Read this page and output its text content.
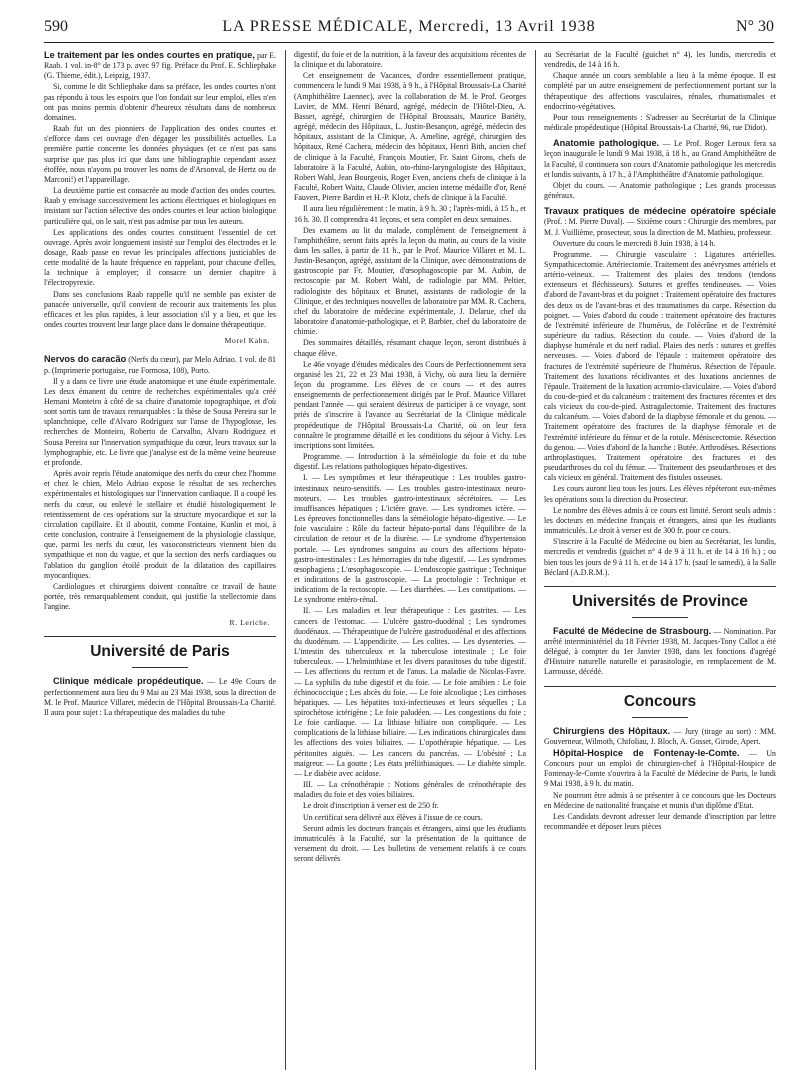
590	LA PRESSE MÉDICALE, Mercredi, 13 Avril 1938	N° 30

Le traitement par les ondes courtes en pratique, par E. Raab. 1 vol. in-8° de 173 p. avec 97 fig. Préface du Prof. E. Schliephake (G. Thieme, édit.), Leipzig, 1937.

Si, comme le dit Schliephake dans sa préface, les ondes courtes n'ont pas répondu à tous les espoirs que l'on fondait sur leur emploi, elles n'en ont pas moins permis d'obtenir d'heureux résultats dans de nombreux domaines.

Raab fut un des pionniers de l'application des ondes courtes et s'efforce dans cet ouvrage d'en dégager les possibilités actuelles. La première partie concerne les données physiques (et ce n'est pas sans surprise que pas plus ici que dans une bibliographie cependant assez étoffée, nous n'ayons pu trouver les noms de d'Arsonval, de Hertz ou de Marconi!) et l'appareillage.

La deuxième partie est consacrée au mode d'action des ondes courtes. Raab y envisage successivement les actions électriques et biologiques en insistant sur l'action sélective des ondes courtes et leur action biologique particulière qui, on le sait, n'est pas admise par tous les auteurs.

Les applications des ondes courtes constituent l'essentiel de cet ouvrage. Après avoir longuement insisté sur l'emploi des électrodes et le dosage, Raab passe en revue les principales affections justiciables de cette modalité de la haute fréquence en rappelant, pour chacune d'elles, la technique à employer; il consacre un dernier chapitre à l'électropyrexie.

Dans ses conclusions Raab rappelle qu'il ne semble pas exister de panacée universelle, qu'il convient de recourir aux traitements les plus efficaces et les plus rapides, à leur association s'il y a lieu, et que les ondes courtes trouvent leur large place dans le domaine thérapeutique.

Morel Kahn.

Nervos do caracão (Nerfs du cœur), par Melo Adriao. 1 vol. de 81 p. (Imprimerie portugaise, rue Formosa, 108), Porto.

Il y a dans ce livre une étude anatomique et une étude expérimentale. Les deux émanent du centre de recherches expérimentales qu'a créé Hernani Monteiro à côté de sa chaire d'anatomie topographique, et d'où sont sortis tant de travaux remarquables : la thèse de Sousa Pereira sur le splanchnique, celle d'Alvaro Rodriguez sur l'anse de l'hypoglosse, les recherches de Monteiro, Roberto de Carvalho, Alvaro Rodriguez et Sousa Pereira sur l'innervation sympathique du cœur, leurs travaux sur la lymphographie, etc. Le livre que j'analyse est de la même veine heureuse et profonde.

Après avoir repris l'étude anatomique des nerfs du cœur chez l'homme et chez le chien, Melo Adriao expose le résultat de ses recherches expérimentales et histologiques sur l'innervation cardiaque. Il a coupé les nerfs du cœur, ou enlevé le stellaire et étudié histologiquement le retentissement de ces opérations sur la structure myocardique et sur la circulation capillaire. Et il aboutit, comme Fontaine, Kunlin et moi, à cette conclusion, contraire à l'enseignement de la physiologie classique, que, parmi les nerfs du cœur, les vasoconstricteurs viennent bien du sympathique et non du vague, et que la section des nerfs cardiaques ou l'ablation du ganglion étoilé produit de la dilatation des capillaires myocardiques.

Cardiologues et chirurgiens doivent connaître ce travail de haute portée, très remarquablement conduit, qui justifie la stellectomie dans l'angine.

R. Leriche.

Université de Paris

Clinique médicale propédeutique. — Le 49e Cours de perfectionnement aura lieu du 9 Mai au 23 Mai 1938, sous la direction de M. le Prof. Maurice Villaret, médecin de l'Hôpital Broussais-La Charité. Il aura pour sujet : La thérapeutique des maladies du tube

digestif, du foie et de la nutrition, à la faveur des acquisitions récentes de la clinique et du laboratoire.

Cet enseignement de Vacances, d'ordre essentiellement pratique, commencera le lundi 9 Mai 1938, à 9 h., à l'Hôpital Broussais-La Charité (Amphithéâtre Laennec), avec la collaboration de M. le Prof. Georges Lavier, de MM. Henri Bénard, agrégé, médecin de l'Hôtel-Dieu, A. Basset, agrégé, chirurgien de l'Hôpital Broussais, Maurice Bariéty, agrégé, médecin des Hôpitaux, L. Justin-Besançon, agrégé, médecin des hôpitaux, assistant de la Clinique, A. Ameline, agrégé, chirurgien des hôpitaux, René Cachera, médecin des hôpitaux, Henri Bith, ancien chef de clinique à la Faculté, François Moutier, Fr. Saint Girons, chefs de laboratoire à la Faculté, Aubin, oto-rhino-laryngologiste des Hôpitaux, Robert Wahl, Jean Bourgeois, Roger Even, anciens chefs de clinique à la Faculté, Robert Waitz, Claude Olivier, ancien interne médaille d'or, René Fauvert, Pierre Bardin et H.-P. Klotz, chefs de clinique à la Faculté.

Il aura lieu régulièrement : le matin, à 9 h. 30 ; l'après-midi, à 15 h., et 16 h. 30. Il comprendra 41 leçons, et sera complet en deux semaines.

Des examens au lit du malade, complément de l'enseignement à l'amphithéâtre, seront faits après la leçon du matin, au cours de la visite dans les salles, à partir de 11 h., par le Prof. Maurice Villaret et M. L. Justin-Besançon, agrégé, assistant de la Clinique, avec démonstrations de gastroscopie par Fr. Moutier, d'œsophagoscopie par M. Aubin, de rectoscopie par M. Robert Wahl, de radiologie par MM. Peltier, radiologiste des hôpitaux et Brunet, assistants de radiologie de la Clinique, et des techniques nouvelles de laboratoire par MM. R. Cachera, chef du laboratoire de médecine expérimentale, J. Delarue, chef du laboratoire d'anatomie-pathologique, et P. Barbier, chef du laboratoire de chimie.

Des sommaires détaillés, résumant chaque leçon, seront distribués à chaque élève.

Le 46e voyage d'études médicales des Cours de Perfectionnement sera organisé les 21, 22 et 23 Mai 1938, à Vichy, où aura lieu la dernière leçon du programme. Les élèves de ce cours — et des autres enseignements de perfectionnement dirigés par le Prof. Maurice Villaret pendant l'année — qui seraient désireux de participer à ce voyage, sont priés de s'inscrire à l'avance au Secrétariat de la Clinique médicale propédeutique de l'Hôpital Broussais-La Charité, où on leur fera connaître le programme détaillé et les conditions du séjour à Vichy. Les inscriptions sont limitées.

Programme. — Introduction à la séméiologie du foie et du tube digestif. Les relations pathologiques hépato-digestives.

I. — Les symptômes et leur thérapeutique : Les troubles gastro-intestinaux neuro-sensitifs. — Les troubles gastro-intestinaux neuro-moteurs. — Les troubles gastro-intestinaux sécrétoires. — Les insuffisances hépatiques ; L'ictère grave. — Les syndromes ictère. — Les épreuves fonctionnelles dans la séméiologie hépato-digestive. — Le foie vasculaire : Rôle du facteur hépato-portal dans l'équilibre de la circulation de retour et de la diurèse. — Le syndrome d'hypertension portale. — Les syndromes sanguins au cours des affections hépato-gastro-intestinales : Les hémorragies du tube digestif. — Les syndromes œsophagiens ; L'œsophagoscopie. — L'endoscopie gastrique ; Technique et indications de la gastroscopie. — La proctologie : Technique et indications de la rectoscopie. — Les diarrhées. — Les constipations. — Le syndrome entéro-rénal.

II. — Les maladies et leur thérapeutique : Les gastrites. — Les cancers de l'estomac. — L'ulcère gastro-duodénal ; Les syndromes duodénaux. — Thérapeutique de l'ulcère gastroduodénal et des affections du duodénum. — L'appendicite. — Les colites. — Les dysenteries. — L'intestin des tuberculeux et la tuberculose intestinale ; Le foie tuberculeux. — L'helminthiase et les divers parasitoses du tube digestif. — Les affections du rectum et de l'anus. La maladie de Nicolas-Favre. — La syphilis du tube digestif et du foie. — Le foie amibien : Le foie échinococcique ; Les abcès du foie. — Le foie alcoolique ; Les cirrhoses hépatiques. — Les hépatites toxi-infectieuses et leurs séquelles ; La spirochétose ictérigène ; Le foie paludéen. — Les congestions du foie ; Le foie cardiaque. — La lithiase biliaire non compliquée. — Les complications de la lithiase biliaire. — Les indications chirurgicales dans les affections des voies biliaires. — L'opothérapie hépatique. — Les péritonites aiguës. — Les cancers du pancréas. — L'obésité ; La maigreur. — La goutte ; Les états préliithiasiques. — Le diabète simple. — Le diabète avec acidose.

III. — La crénothérapie : Notions générales de crénothérapie des maladies du foie et des voies biliaires.

Le droit d'inscription à verser est de 250 fr.

Un certificat sera délivré aux élèves à l'issue de ce cours.

Seront admis les docteurs français et étrangers, ainsi que les étudiants immatriculés à la Faculté, sur la présentation de la quittance de versement du droit. — Les bulletins de versement relatifs à ce cours seront délivrés

au Secrétariat de la Faculté (guichet n° 4), les lundis, mercredis et vendredis, de 14 à 16 h.

Chaque année un cours semblable a lieu à la même époque. Il est complété par un autre enseignement de perfectionnement portant sur la thérapeutique des affections vasculaires, rénales, rhumatismales et endocrino-végétatives.

Pour tous renseignements : S'adresser au Secrétariat de la Clinique médicale propédeutique (Hôpital Broussais-La Charité, 96, rue Didot).

Anatomie pathologique. — Le Prof. Roger Leroux fera sa leçon inaugurale le lundi 9 Mai 1938, à 18 h., au Grand Amphithéâtre de la Faculté, il continuera son cours d'Anatomie pathologique les mercredis et lundis suivants, à 17 h., à l'Amphithéâtre d'Anatomie pathologique.

Objet du cours. — Anatomie pathologique ; Les grands processus généraux.

Travaux pratiques de médecine opératoire spéciale (Prof. : M. Pierre Duval). — Sixième cours : Chirurgie des membres, par M. J. Vuillième, prosecteur, sous la direction de M. Mathieu, professeur.

Ouverture du cours le mercredi 8 Juin 1938, à 14 h.

Programme. — Chirurgie vasculaire : Ligatures artérielles. Sympathicectomie. Artériectomie. Traitement des anévrysmes artériels et artério-veineux. — Traitement des plaies des tendons (tendons extenseurs et fléchisseurs). Sutures et greffes tendineuses. — Voies d'abord de l'avant-bras et du poignet : Traitement opératoire des fractures des deux os de l'avant-bras et des traumatismes du carpe. Résection du poignet. — Voies d'abord du coude : traitement opératoire des fractures de l'extrémité inférieure de l'humérus, de l'olécrâne et de l'extrémité supérieure du radius. Résection du coude. — Voies d'abord de la diaphyse humérale et du nerf radial. Plaies des nerfs : sutures et greffes nerveuses. — Voies d'abord de l'épaule : traitement opératoire des fractures de l'extrémité supérieure de l'humérus. Résection de l'épaule. Traitement des luxations récidivantes et des luxations anciennes de l'épaule. Traitement de la luxation acromio-claviculaire. — Voies d'abord du cou-de-pied et du calcanéum : traitement des fractures récentes et des cals vicieux du cou-de-pied. Astragalectomie. Traitement des fractures du calcanéum. — Voies d'abord de la diaphyse fémorale et du genou. — Traitement opératoire des fractures de la diaphyse fémorale et de l'extrémité inférieure du fémur et de la rotule. Méniscectomie. Résection du genou. — Voies d'abord de la hanche : Butée. Arthrodèses. Résections arthroplastiques. Traitement opératoire des fractures et des pseudarthroses du col du fémur. — Traitement des pseudarthroses et des cals vicieux en général. Traitement des fistules osseuses.

Les cours auront lieu tous les jours. Les élèves répéteront eux-mêmes les opérations sous la direction du Prosecteur.

Le nombre des élèves admis à ce cours est limité. Seront seuls admis : les docteurs en médecine français et étrangers, ainsi que les étudiants immatriculés. Le droit à verser est de 300 fr. pour ce cours.

S'inscrire à la Faculté de Médecine ou bien au Secrétariat, les lundis, mercredis et vendredis (guichet n° 4 de 9 à 11 h. et de 14 à 16 h.) ; ou bien tous les jours de 9 à 11 h. et de 14 à 17 h. (sauf le samedi), à la Salle Béclard (A.D.R.M.).

Universités de Province

Faculté de Médecine de Strasbourg. — Nomination. Par arrêté interministériel du 18 Février 1938, M. Jacques-Tony Callot a été délégué, à compter du 1er Janvier 1938, dans les fonctions d'agrégé d'Histoire naturelle naturelle et parasitologie, en remplacement de M. Larrousse, décédé.

Concours

Chirurgiens des Hôpitaux. — Jury (tirage au sort) : MM. Gouverneur, Wilmoth, Chifoliau, J. Bloch, A. Gosset, Girode, Apert.

Hôpital-Hospice de Fontenay-le-Comte. — Un Concours pour un emploi de chirurgien-chef à l'Hôpital-Hospice de Fontenay-le-Comte s'ouvrira à la Faculté de Médecine de Paris, le lundi 9 Mai 1938, à 9 h. du matin.

Ne pourront être admis à se présenter à ce concours que les Docteurs en Médecine de nationalité française et munis d'un diplôme d'Etat.

Les Candidats devront adresser leur demande d'inscription par lettre recommandée et déposer leurs pièces
